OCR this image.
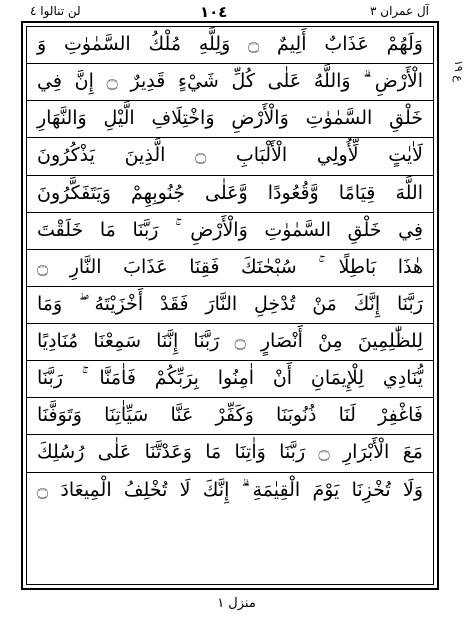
لن تنالوا ٤	١٠٤	آل عمران ٣
وَلَهُمْ عَذَابٌ أَلِيمٌ ۝ وَلِلَّهِ مُلْكُ السَّمٰوٰتِ وَ
الْأَرْضِ ۗ وَاللَّهُ عَلٰى كُلِّ شَيْءٍ قَدِيرٌ ۝ إِنَّ فِي
خَلْقِ السَّمٰوٰتِ وَالْأَرْضِ وَاخْتِلَافِ الَّيْلِ وَالنَّهَارِ
لَاٰيٰتٍ لِّأُولِي الْأَلْبَابِ ۝ الَّذِينَ يَذْكُرُونَ
اللَّهَ قِيَامًا وَّقُعُودًا وَّعَلٰى جُنُوبِهِمْ وَيَتَفَكَّرُونَ
فِي خَلْقِ السَّمٰوٰتِ وَالْأَرْضِ ۚ رَبَّنَا مَا خَلَقْتَ
هٰذَا بَاطِلًا ۚ سُبْحٰنَكَ فَقِنَا عَذَابَ النَّارِ ۝
رَبَّنَا إِنَّكَ مَنْ تُدْخِلِ النَّارَ فَقَدْ أَخْزَيْتَهُ ۖ وَمَا
لِلظّٰلِمِينَ مِنْ أَنْصَارٍ ۝ رَبَّنَا إِنَّنَا سَمِعْنَا مُنَادِيًا
يُّنَادِي لِلْإِيمَانِ أَنْ اٰمِنُوا بِرَبِّكُمْ فَاٰمَنَّا ۚ رَبَّنَا
فَاغْفِرْ لَنَا ذُنُوبَنَا وَكَفِّرْ عَنَّا سَيِّاٰتِنَا وَتَوَفَّنَا
مَعَ الْأَبْرَارِ ۝ رَبَّنَا وَاٰتِنَا مَا وَعَدْتَّنَا عَلٰى رُسُلِكَ
وَلَا تُخْزِنَا يَوْمَ الْقِيٰمَةِ ۗ إِنَّكَ لَا تُخْلِفُ الْمِيعَادَ ۝
ع ١٩
منزل ١
